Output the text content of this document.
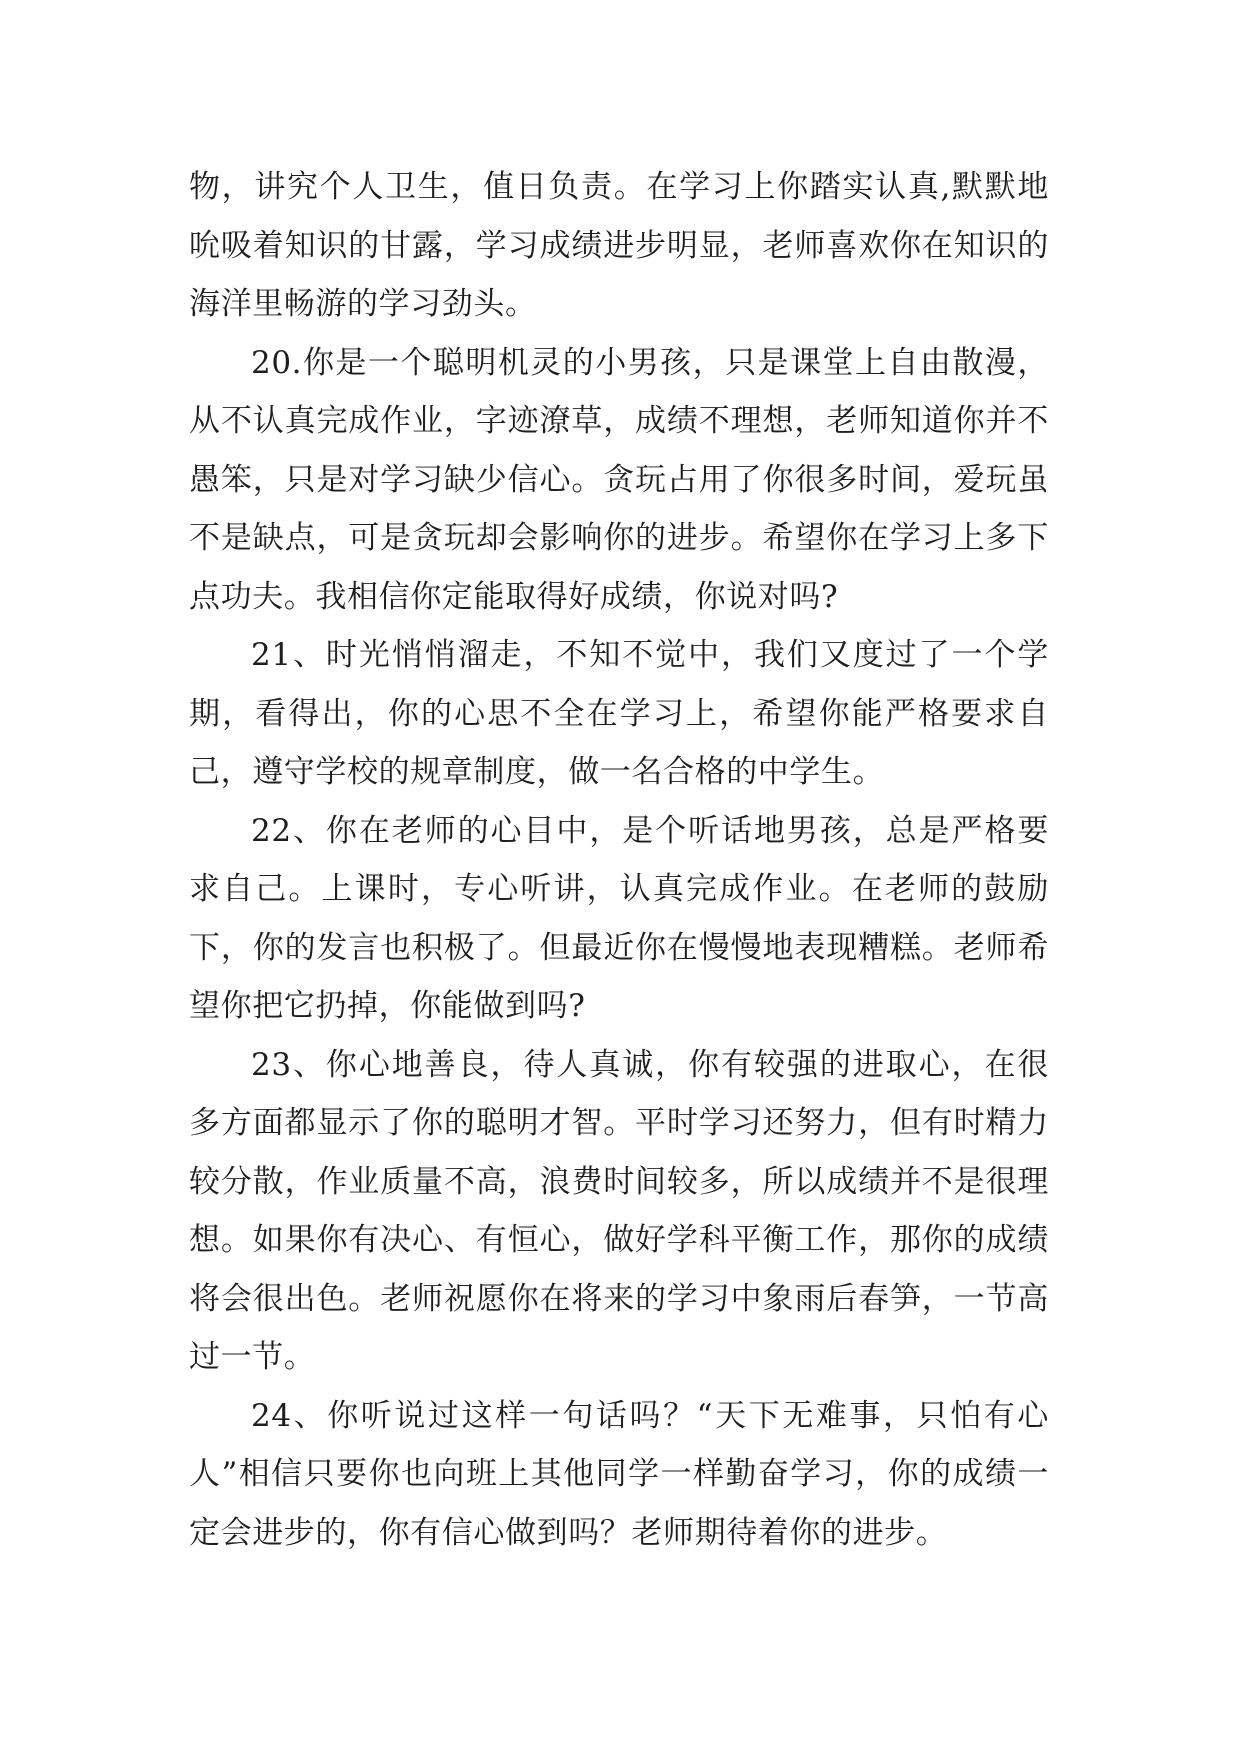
物，讲究个人卫生，值日负责。在学习上你踏实认真,默默地吮吸着知识的甘露，学习成绩进步明显，老师喜欢你在知识的海洋里畅游的学习劲头。

20.你是一个聪明机灵的小男孩，只是课堂上自由散漫，从不认真完成作业，字迹潦草，成绩不理想，老师知道你并不愚笨，只是对学习缺少信心。贪玩占用了你很多时间，爱玩虽不是缺点，可是贪玩却会影响你的进步。希望你在学习上多下点功夫。我相信你定能取得好成绩，你说对吗?

21、时光悄悄溜走，不知不觉中，我们又度过了一个学期，看得出，你的心思不全在学习上，希望你能严格要求自己，遵守学校的规章制度，做一名合格的中学生。

22、你在老师的心目中，是个听话地男孩，总是严格要求自己。上课时，专心听讲，认真完成作业。在老师的鼓励下，你的发言也积极了。但最近你在慢慢地表现糟糕。老师希望你把它扔掉，你能做到吗?

23、你心地善良，待人真诚，你有较强的进取心，在很多方面都显示了你的聪明才智。平时学习还努力，但有时精力较分散，作业质量不高，浪费时间较多，所以成绩并不是很理想。如果你有决心、有恒心，做好学科平衡工作，那你的成绩将会很出色。老师祝愿你在将来的学习中象雨后春笋，一节高过一节。

24、你听说过这样一句话吗？“天下无难事，只怕有心人”相信只要你也向班上其他同学一样勤奋学习，你的成绩一定会进步的，你有信心做到吗？老师期待着你的进步。
